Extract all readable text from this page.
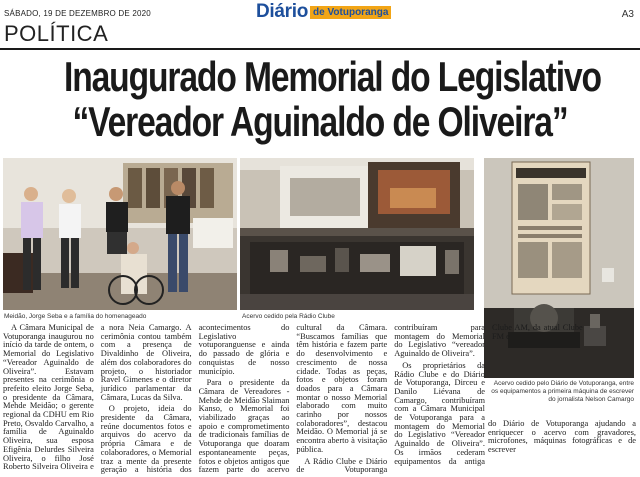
SÁBADO, 19 DE DEZEMBRO DE 2020	Diário de Votuporanga	A3
POLÍTICA
Inaugurado Memorial do Legislativo
“Vereador Aguinaldo de Oliveira”
Meidão, Jorge Seba e a família do homenageado	Acervo cedido pela Rádio Clube
Acervo cedido pelo Diário de Votuporanga, entre os equipamentos a primeira máquina de escrever do jornalista Nelson Camargo

A Câmara Municipal de Votuporanga inaugurou no início da tarde de ontem, o Memorial do Legislativo “Vereador Aguinaldo de Oliveira”. Estavam presentes na cerimônia o prefeito eleito Jorge Seba, o presidente da Câmara, Mehde Meidão; o gerente regional da CDHU em Rio Preto, Osvaldo Carvalho, a família de Aguinaldo Oliveira, sua esposa Efigênia Delurdes Silveira Oliveira, o filho José Roberto Silveira Oliveira e a nora Neia Camargo. A cerimônia contou também com a presença de Divaldinho de Oliveira, além dos colaboradores do projeto, o historiador Ravel Gimenes e o diretor jurídico parlamentar da Câmara, Lucas da Silva.

O projeto, ideia do presidente da Câmara, reúne documentos fotos e arquivos do acervo da própria Câmara e de colaboradores, o Memorial traz a mente da presente geração a história dos acontecimentos do Legislativo votuporanguense e ainda do passado de glória e conquistas de nosso município.

Para o presidente da Câmara de Vereadores - Mehde de Meidão Slaiman Kanso, o Memorial foi viabilizado graças ao apoio e comprometimento de tradicionais famílias de Votuporanga que doaram espontaneamente peças, fotos e objetos antigos que fazem parte do acervo cultural da Câmara. “Buscamos famílias que têm história e fazem parte do desenvolvimento e crescimento de nossa cidade. Todas as peças, fotos e objetos foram doados para a Câmara montar o nosso Memorial elaborado com muito carinho por nossos colaboradores”, destacou Meidão. O Memorial já se encontra aberto à visitação pública.

A Rádio Clube e Diário de Votuporanga contribuíram para montagem do Memorial do Legislativo “vereador Aguinaldo de Oliveira”.

Os proprietários da Rádio Clube e do Diário de Votuporanga, Dirceu e Danilo Liévana de Camargo, contribuíram com a Câmara Municipal de Votuporanga para a montagem do Memorial do Legislativo “Vereador Aguinaldo de Oliveira”. Os irmãos cederam equipamentos da antiga Clube AM, da atual Clube FM e

do Diário de Votuporanga ajudando a enriquecer o acervo com gravadores, microfones, máquinas fotográficas e de escrever
